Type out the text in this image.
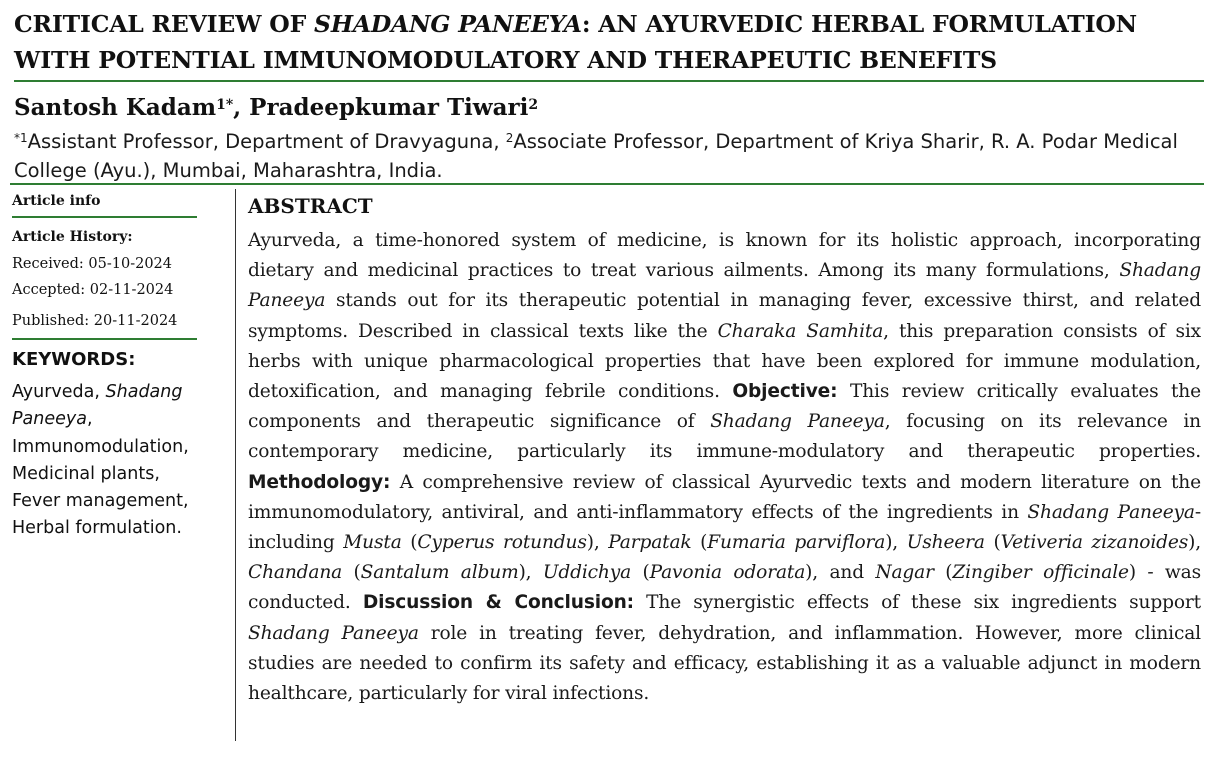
CRITICAL REVIEW OF SHADANG PANEEYA: AN AYURVEDIC HERBAL FORMULATION WITH POTENTIAL IMMUNOMODULATORY AND THERAPEUTIC BENEFITS

Santosh Kadam$^{1*}$, Pradeepkumar Tiwari$^2$

$^{*1}$Assistant Professor, Department of Dravyaguna, $^2$Associate Professor, Department of Kriya Sharir, R. A. Podar Medical College (Ayu.), Mumbai, Maharashtra, India.

Article info

Article History:

Received: 05-10-2024

Accepted: 02-11-2024

Published: 20-11-2024

KEYWORDS:

Ayurveda, Shadang Paneeya, Immunomodulation, Medicinal plants, Fever management, Herbal formulation.

ABSTRACT

Ayurveda, a time-honored system of medicine, is known for its holistic approach, incorporating dietary and medicinal practices to treat various ailments. Among its many formulations, Shadang Paneeya stands out for its therapeutic potential in managing fever, excessive thirst, and related symptoms. Described in classical texts like the Charaka Samhita, this preparation consists of six herbs with unique pharmacological properties that have been explored for immune modulation, detoxification, and managing febrile conditions. Objective: This review critically evaluates the components and therapeutic significance of Shadang Paneeya, focusing on its relevance in contemporary medicine, particularly its immune-modulatory and therapeutic properties. Methodology: A comprehensive review of classical Ayurvedic texts and modern literature on the immunomodulatory, antiviral, and anti-inflammatory effects of the ingredients in Shadang Paneeya- including Musta (Cyperus rotundus), Parpatak (Fumaria parviflora), Usheera (Vetiveria zizanoides), Chandana (Santalum album), Uddichya (Pavonia odorata), and Nagar (Zingiber officinale) - was conducted. Discussion & Conclusion: The synergistic effects of these six ingredients support Shadang Paneeya role in treating fever, dehydration, and inflammation. However, more clinical studies are needed to confirm its safety and efficacy, establishing it as a valuable adjunct in modern healthcare, particularly for viral infections.
